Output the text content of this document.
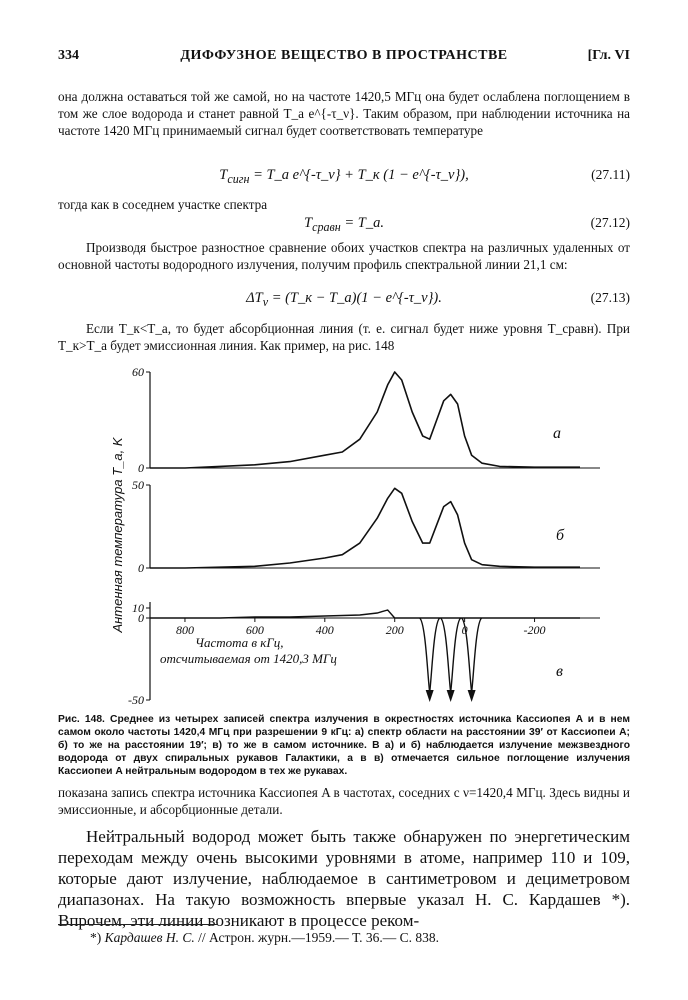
334	ДИФФУЗНОЕ ВЕЩЕСТВО В ПРОСТРАНСТВЕ	[Гл. VI
она должна оставаться той же самой, но на частоте 1420,5 МГц она будет ослаблена поглощением в том же слое водорода и станет равной T_a e^{-τ_ν}. Таким образом, при наблюдении источника на частоте 1420 МГц принимаемый сигнал будет соответствовать температуре
$T_{сигн}$ = T_a e^{-τ_ν} + T_к (1 − e^{-τ_ν}),	(27.11)
тогда как в соседнем участке спектра
$T_{сравн}$ = T_a.	(27.12)
Производя быстрое разностное сравнение обоих участков спектра на различных удаленных от основной частоты водородного излучения, получим профиль спектральной линии 21,1 см:
$\Delta T_\nu$ = (T_к − T_a)(1 − e^{-τ_ν}).	(27.13)
Если T_к<T_а, то будет абсорбционная линия (т. е. сигнал будет ниже уровня T_сравн). При T_к>T_а будет эмиссионная линия. Как пример, на рис. 148
Антенная температура T_a, K 0
60
а
0
50
б
10
0
-50
800	600	400	200	0	-200
в
Частота в кГц,
отсчитываемая от 1420,3 МГц
Рис. 148. Среднее из четырех записей спектра излучения в окрестностях источника Кассиопея A и в нем самом около частоты 1420,4 МГц при разрешении 9 кГц: а) спектр области на расстоянии 39′ от Кассиопеи A; б) то же на расстоянии 19′; в) то же в самом источнике. В а) и б) наблюдается излучение межзвездного водорода от двух спиральных рукавов Галактики, а в в) отмечается сильное поглощение излучения Кассиопеи A нейтральным водородом в тех же рукавах.
показана запись спектра источника Кассиопея A в частотах, соседних с ν=1420,4 МГц. Здесь видны и эмиссионные, и абсорбционные детали.
Нейтральный водород может быть также обнаружен по энергетическим переходам между очень высокими уровнями в атоме, например 110 и 109, которые дают излучение, наблюдаемое в сантиметровом и дециметровом диапазонах. На такую возможность впервые указал Н. С. Кардашев *). Впрочем, эти линии возникают в процессе реком-
*) Кардашев Н. С. // Астрон. журн.—1959.— Т. 36.— С. 838.
